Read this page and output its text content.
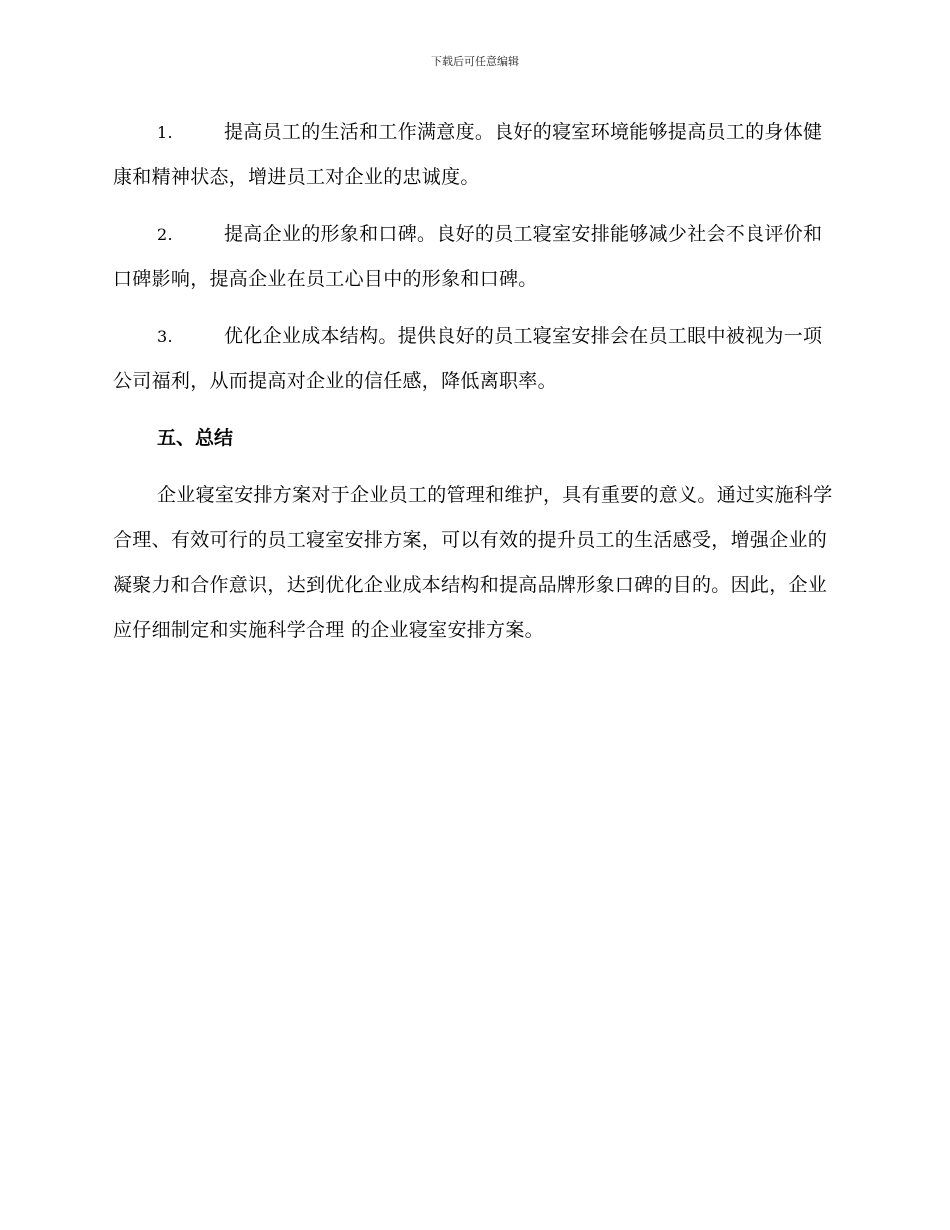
下载后可任意编辑

1.	提高员工的生活和工作满意度。良好的寝室环境能够提高员工的身体健康和精神状态，增进员工对企业的忠诚度。

2.	提高企业的形象和口碑。良好的员工寝室安排能够减少社会不良评价和口碑影响，提高企业在员工心目中的形象和口碑。

3.	优化企业成本结构。提供良好的员工寝室安排会在员工眼中被视为一项公司福利，从而提高对企业的信任感，降低离职率。

五、总结

企业寝室安排方案对于企业员工的管理和维护，具有重要的意义。通过实施科学合理、有效可行的员工寝室安排方案，可以有效的提升员工的生活感受，增强企业的凝聚力和合作意识，达到优化企业成本结构和提高品牌形象口碑的目的。因此，企业应仔细制定和实施科学合理 的企业寝室安排方案。
